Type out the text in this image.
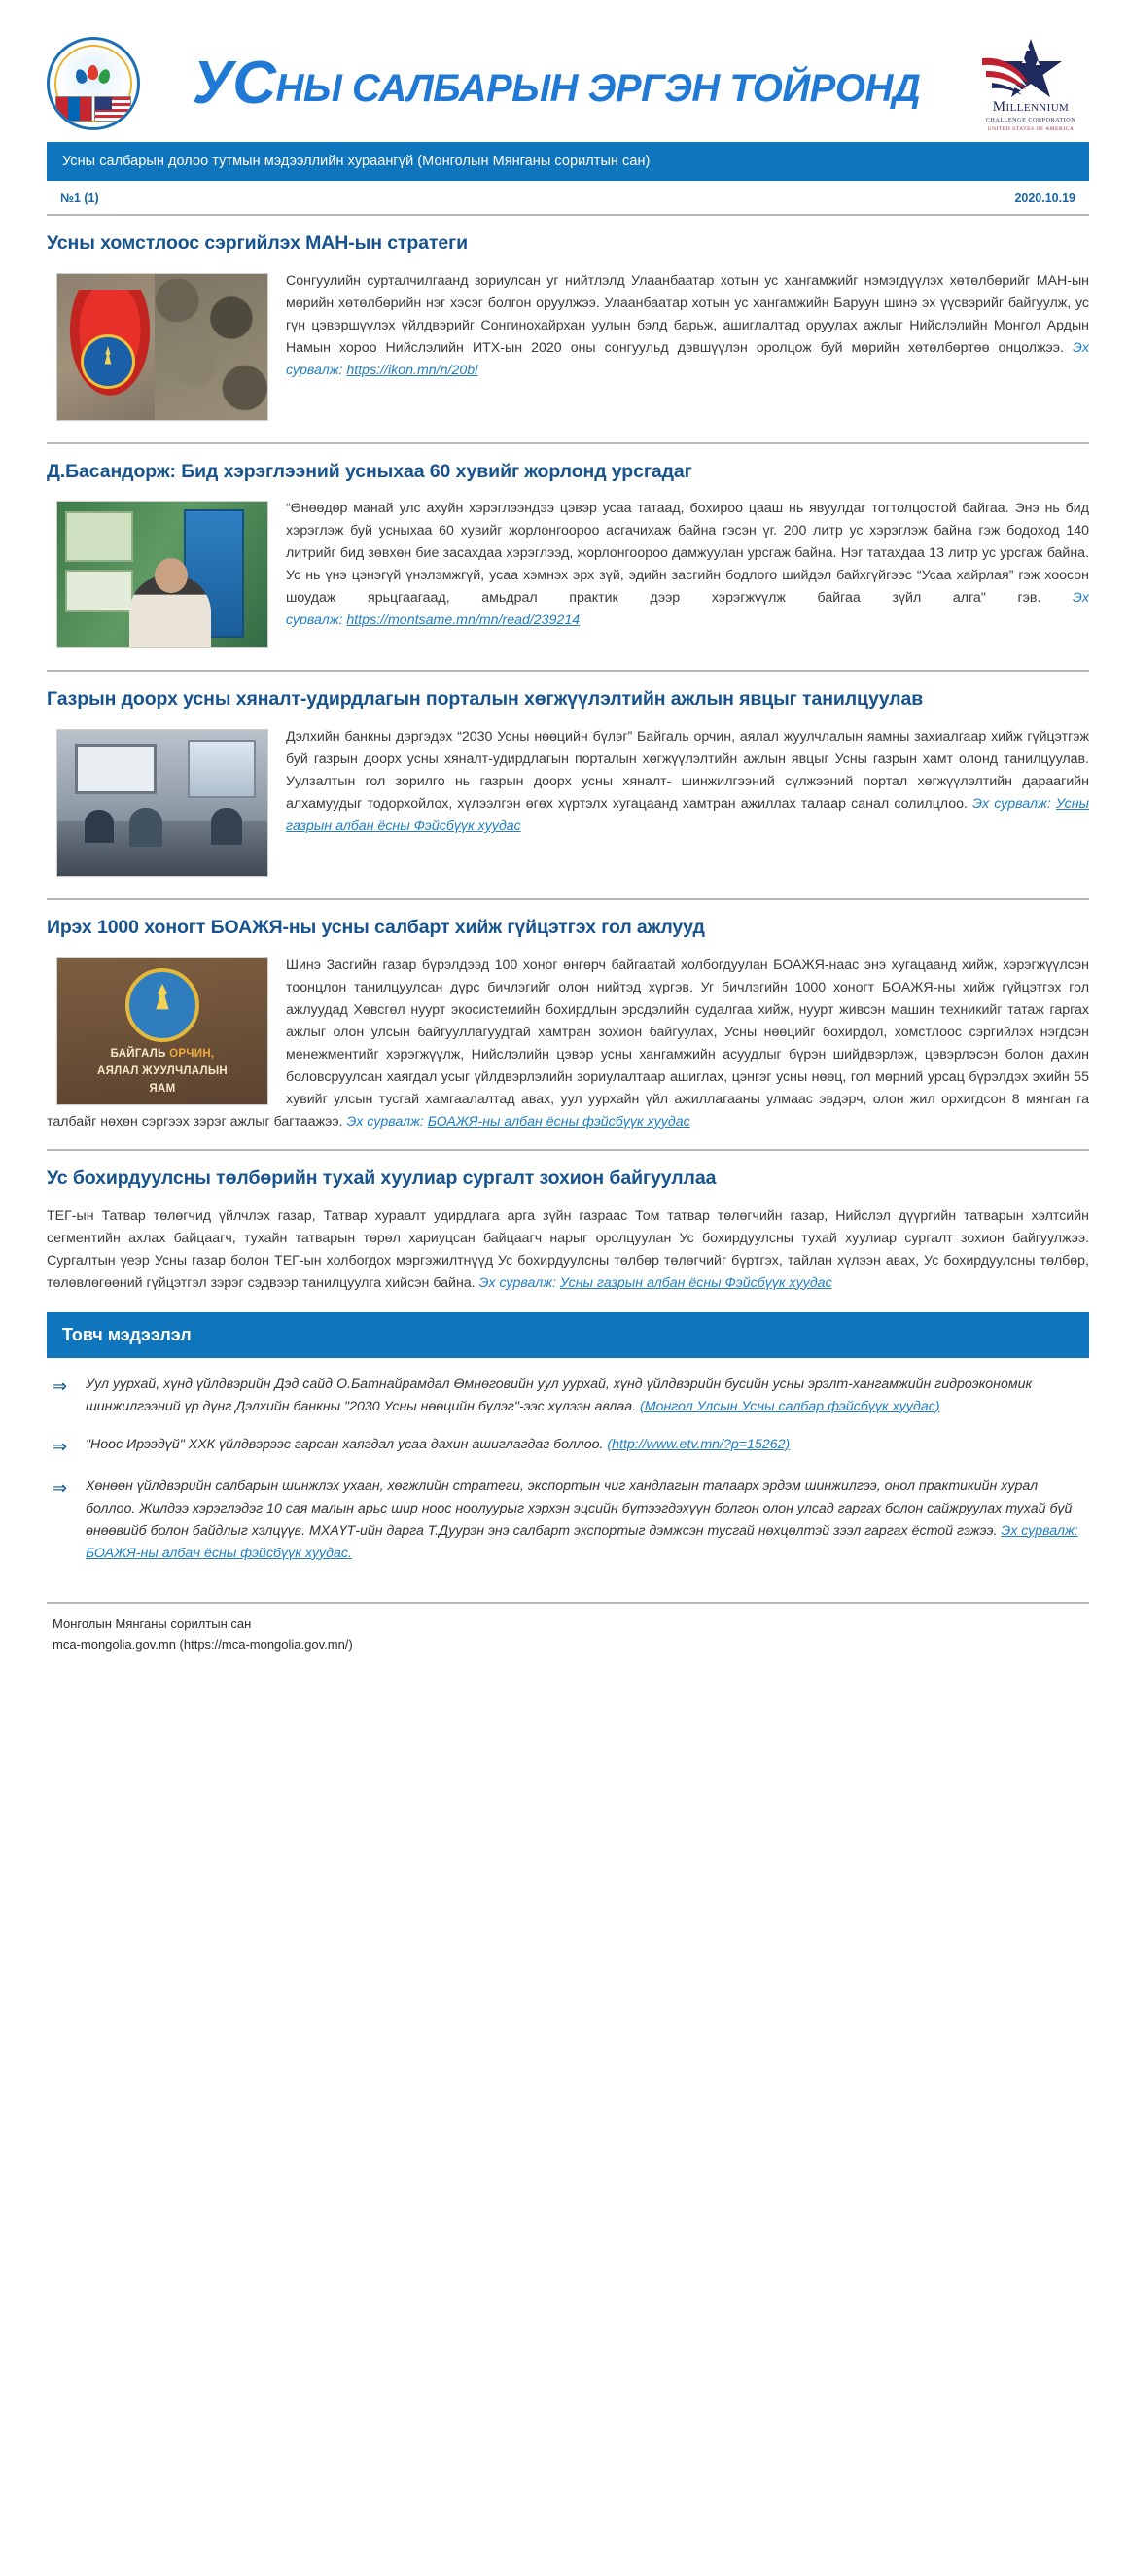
УСНЫ САЛБАРЫН ЭРГЭН ТОЙРОНД	Millennium
CHALLENGE CORPORATION
UNITED STATES OF AMERICA
Усны салбарын долоо тутмын мэдээллийн хураангүй (Монголын Мянганы сорилтын сан)
№1 (1)	2020.10.19
Усны хомстлоос сэргийлэх МАН-ын стратеги

Сонгуулийн сурталчилгаанд зориулсан уг нийтлэлд Улаанбаатар хотын ус хангамжийг нэмэгдүүлэх хөтөлбөрийг МАН-ын мөрийн хөтөлбөрийн нэг хэсэг болгон оруулжээ. Улаанбаатар хотын ус хангамжийн Баруун шинэ эх үүсвэрийг байгуулж, ус гүн цэвэршүүлэх үйлдвэрийг Сонгинохайрхан уулын бэлд барьж, ашиглалтад оруулах ажлыг Нийслэлийн Монгол Ардын Намын хороо Нийслэлийн ИТХ-ын 2020 оны сонгуульд дэвшүүлэн оролцож буй мөрийн хөтөлбөртөө онцолжээ. Эх сурвалж: https://ikon.mn/n/20bl

Д.Басандорж: Бид хэрэглээний усныхаа 60 хувийг жорлонд урсгадаг

“Өнөөдөр манай улс ахуйн хэрэглээндээ цэвэр усаа татаад, бохироо цааш нь явуулдаг тогтолцоотой байгаа. Энэ нь бид хэрэглэж буй усныхаа 60 хувийг жорлонгоороо асгачихаж байна гэсэн үг. 200 литр ус хэрэглэж байна гэж бодоход 140 литрийг бид зөвхөн бие засахдаа хэрэглээд, жорлонгоороо дамжуулан урсгаж байна. Нэг татахдаа 13 литр ус урсгаж байна. Ус нь үнэ цэнэгүй үнэлэмжгүй, усаа хэмнэх эрх зүй, эдийн засгийн бодлого шийдэл байхгүйгээс “Усаа хайрлая” гэж хоосон шоудаж ярьцгаагаад, амьдрал практик дээр хэрэгжүүлж байгаа зүйл алга" гэв. Эх сурвалж: https://montsame.mn/mn/read/239214

Газрын доорх усны хяналт-удирдлагын порталын хөгжүүлэлтийн ажлын явцыг танилцуулав

Дэлхийн банкны дэргэдэх “2030 Усны нөөцийн бүлэг” Байгаль орчин, аялал жуулчлалын яамны захиалгаар хийж гүйцэтгэж буй газрын доорх усны хяналт-удирдлагын порталын хөгжүүлэлтийн ажлын явцыг Усны газрын хамт олонд танилцуулав. Уулзалтын гол зорилго нь газрын доорх усны хяналт- шинжилгээний сүлжээний портал хөгжүүлэлтийн дараагийн алхамуудыг тодорхойлох, хүлээлгэн өгөх хүртэлх хугацаанд хамтран ажиллах талаар санал солилцлоо. Эх сурвалж: Усны газрын албан ёсны Фэйсбүүк хуудас

Ирэх 1000 хоногт БОАЖЯ-ны усны салбарт хийж гүйцэтгэх гол ажлууд
БАЙГАЛЬ ОРЧИН,
АЯЛАЛ ЖУУЛЧЛАЛЫН
ЯАМ

Шинэ Засгийн газар бүрэлдээд 100 хоног өнгөрч байгаатай холбогдуулан БОАЖЯ-наас энэ хугацаанд хийж, хэрэгжүүлсэн тоонцлон танилцуулсан дүрс бичлэгийг олон нийтэд хүргэв. Уг бичлэгийн 1000 хоногт БОАЖЯ-ны хийж гүйцэтгэх гол ажлуудад Хөвсгөл нуурт экосистемийн бохирдлын эрсдэлийн судалгаа хийж, нуурт живсэн машин техникийг татаж гаргах ажлыг олон улсын байгууллагуудтай хамтран зохион байгуулах, Усны нөөцийг бохирдол, хомстлоос сэргийлэх нэгдсэн менежментийг хэрэгжүүлж, Нийслэлийн цэвэр усны хангамжийн асуудлыг бүрэн шийдвэрлэж, цэвэрлэсэн болон дахин боловсруулсан хаягдал усыг үйлдвэрлэлийн зориулалтаар ашиглах, цэнгэг усны нөөц, гол мөрний урсац бүрэлдэх эхийн 55 хувийг улсын тусгай хамгаалалтад авах, уул уурхайн үйл ажиллагааны улмаас эвдэрч, олон жил орхигдсон 8 мянган га талбайг нөхөн сэргээх зэрэг ажлыг багтаажээ. Эх сурвалж: БОАЖЯ-ны албан ёсны фэйсбүүк хуудас

Ус бохирдуулсны төлбөрийн тухай хуулиар сургалт зохион байгууллаа

ТЕГ-ын Татвар төлөгчид үйлчлэх газар, Татвар хураалт удирдлага арга зүйн газраас Том татвар төлөгчийн газар, Нийслэл дүүргийн татварын хэлтсийн сегментийн ахлах байцаагч, тухайн татварын төрөл хариуцсан байцаагч нарыг оролцуулан Ус бохирдуулсны тухай хуулиар сургалт зохион байгуулжээ. Сургалтын үеэр Усны газар болон ТЕГ-ын холбогдох мэргэжилтнүүд Ус бохирдуулсны төлбөр төлөгчийг бүртгэх, тайлан хүлээн авах, Ус бохирдуулсны төлбөр, төлөвлөгөөний гүйцэтгэл зэрэг сэдвээр танилцуулга хийсэн байна. Эх сурвалж: Усны газрын албан ёсны Фэйсбүүк хуудас

Товч мэдээлэл
⇒	Уул уурхай, хүнд үйлдвэрийн Дэд сайд О.Батнайрамдал Өмнөговийн уул уурхай, хүнд үйлдвэрийн бусийн усны эрэлт-хангамжийн гидроэкономик шинжилгээний үр дүнг Дэлхийн банкны "2030 Усны нөөцийн бүлэг"-ээс хүлээн авлаа. (Монгол Улсын Усны салбар фэйсбүүк хуудас)
⇒	"Ноос Ирээдүй" ХХК үйлдвэрээс гарсан хаягдал усаа дахин ашиглагдаг боллоо. (http://www.etv.mn/?p=15262)
⇒	Хөнөөн үйлдвэрийн салбарын шинжлэх ухаан, хөгжлийн стратеги, экспортын чиг хандлагын талаарх эрдэм шинжилгээ, онол практикийн хурал боллоо. Жилдээ хэрэглэдэг 10 сая малын арьс шир ноос ноолуурыг хэрхэн эцсийн бүтээгдэхүүн болгон олон улсад гаргах болон сайжруулах тухай бүй өнөөвийб болон байдлыг хэлцүүв. МХАҮТ-ийн дарга Т.Дуурэн энэ салбарт экспортыг дэмжсэн тусгай нөхцөлтэй зээл гаргах ёстой гэжээ. Эх сурвалж: БОАЖЯ-ны албан ёсны фэйсбүүк хуудас.
Монголын Мянганы сорилтын сан
mca-mongolia.gov.mn (https://mca-mongolia.gov.mn/)
